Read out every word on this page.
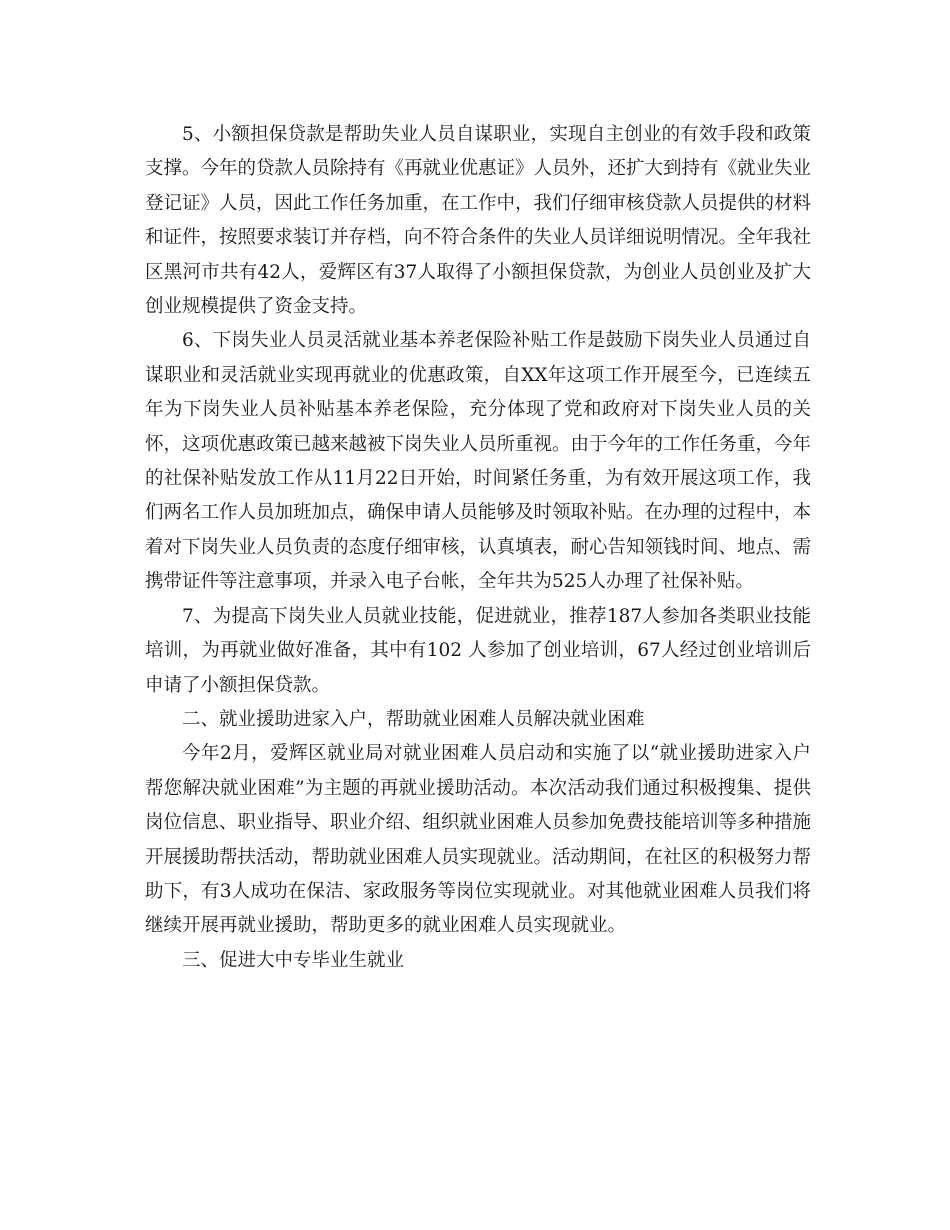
5、小额担保贷款是帮助失业人员自谋职业，实现自主创业的有效手段和政策支撑。今年的贷款人员除持有《再就业优惠证》人员外，还扩大到持有《就业失业登记证》人员，因此工作任务加重，在工作中，我们仔细审核贷款人员提供的材料和证件，按照要求装订并存档，向不符合条件的失业人员详细说明情况。全年我社区黑河市共有42人，爱辉区有37人取得了小额担保贷款，为创业人员创业及扩大创业规模提供了资金支持。

6、下岗失业人员灵活就业基本养老保险补贴工作是鼓励下岗失业人员通过自谋职业和灵活就业实现再就业的优惠政策，自XX年这项工作开展至今，已连续五年为下岗失业人员补贴基本养老保险，充分体现了党和政府对下岗失业人员的关怀，这项优惠政策已越来越被下岗失业人员所重视。由于今年的工作任务重，今年的社保补贴发放工作从11月22日开始，时间紧任务重，为有效开展这项工作，我们两名工作人员加班加点，确保申请人员能够及时领取补贴。在办理的过程中，本着对下岗失业人员负责的态度仔细审核，认真填表，耐心告知领钱时间、地点、需携带证件等注意事项，并录入电子台帐，全年共为525人办理了社保补贴。

7、为提高下岗失业人员就业技能，促进就业，推荐187人参加各类职业技能培训，为再就业做好准备，其中有102 人参加了创业培训，67人经过创业培训后申请了小额担保贷款。

二、就业援助进家入户，帮助就业困难人员解决就业困难

今年2月，爱辉区就业局对就业困难人员启动和实施了以“就业援助进家入户 帮您解决就业困难”为主题的再就业援助活动。本次活动我们通过积极搜集、提供岗位信息、职业指导、职业介绍、组织就业困难人员参加免费技能培训等多种措施开展援助帮扶活动，帮助就业困难人员实现就业。活动期间，在社区的积极努力帮助下，有3人成功在保洁、家政服务等岗位实现就业。对其他就业困难人员我们将继续开展再就业援助，帮助更多的就业困难人员实现就业。

三、促进大中专毕业生就业
